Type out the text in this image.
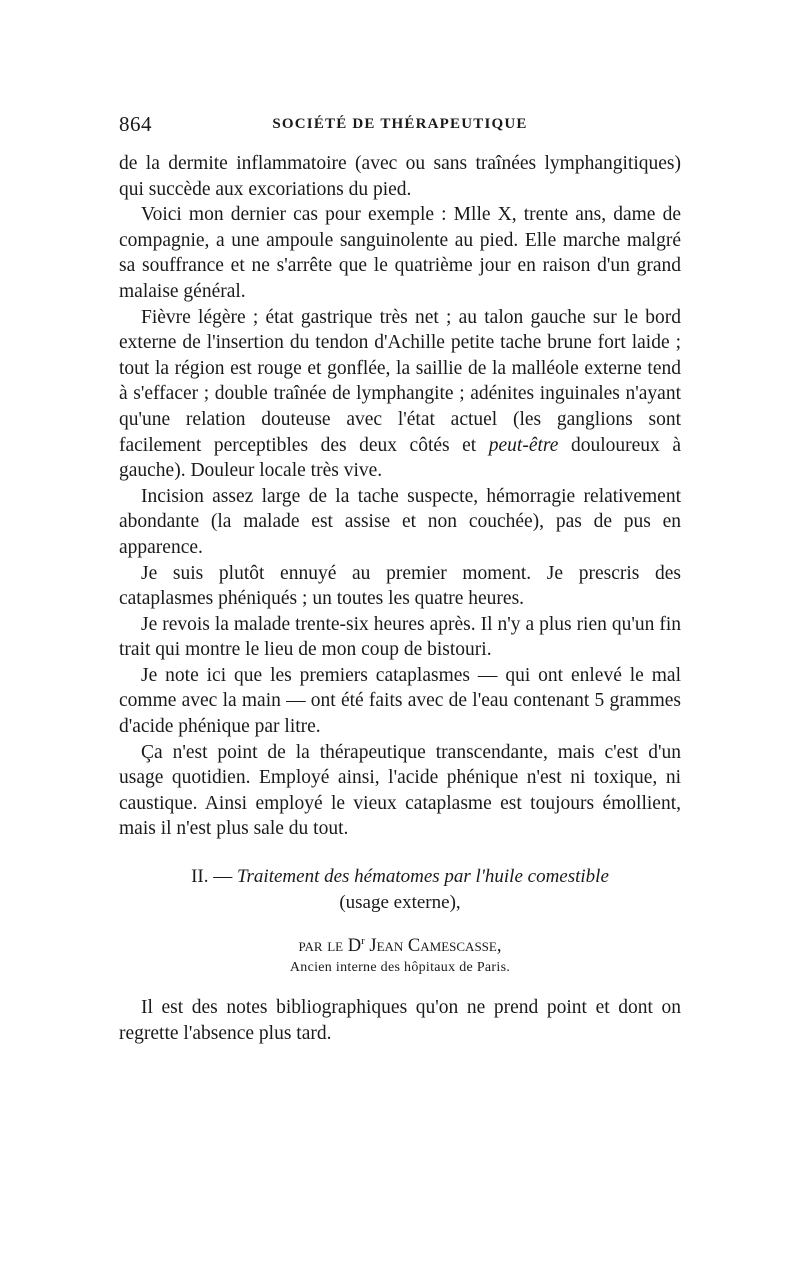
864	SOCIÉTÉ DE THÉRAPEUTIQUE

de la dermite inflammatoire (avec ou sans traînées lymphangitiques) qui succède aux excoriations du pied.

Voici mon dernier cas pour exemple : Mlle X, trente ans, dame de compagnie, a une ampoule sanguinolente au pied. Elle marche malgré sa souffrance et ne s'arrête que le quatrième jour en raison d'un grand malaise général.

Fièvre légère ; état gastrique très net ; au talon gauche sur le bord externe de l'insertion du tendon d'Achille petite tache brune fort laide ; tout la région est rouge et gonflée, la saillie de la malléole externe tend à s'effacer ; double traînée de lymphangite ; adénites inguinales n'ayant qu'une relation douteuse avec l'état actuel (les ganglions sont facilement perceptibles des deux côtés et peut-être douloureux à gauche). Douleur locale très vive.

Incision assez large de la tache suspecte, hémorragie relativement abondante (la malade est assise et non couchée), pas de pus en apparence.

Je suis plutôt ennuyé au premier moment. Je prescris des cataplasmes phéniqués ; un toutes les quatre heures.

Je revois la malade trente-six heures après. Il n'y a plus rien qu'un fin trait qui montre le lieu de mon coup de bistouri.

Je note ici que les premiers cataplasmes — qui ont enlevé le mal comme avec la main — ont été faits avec de l'eau contenant 5 grammes d'acide phénique par litre.

Ça n'est point de la thérapeutique transcendante, mais c'est d'un usage quotidien. Employé ainsi, l'acide phénique n'est ni toxique, ni caustique. Ainsi employé le vieux cataplasme est toujours émollient, mais il n'est plus sale du tout.

II. — Traitement des hématomes par l'huile comestible
(usage externe),
par le $D^r$ Jean Camescasse,
Ancien interne des hôpitaux de Paris.

Il est des notes bibliographiques qu'on ne prend point et dont on regrette l'absence plus tard.
